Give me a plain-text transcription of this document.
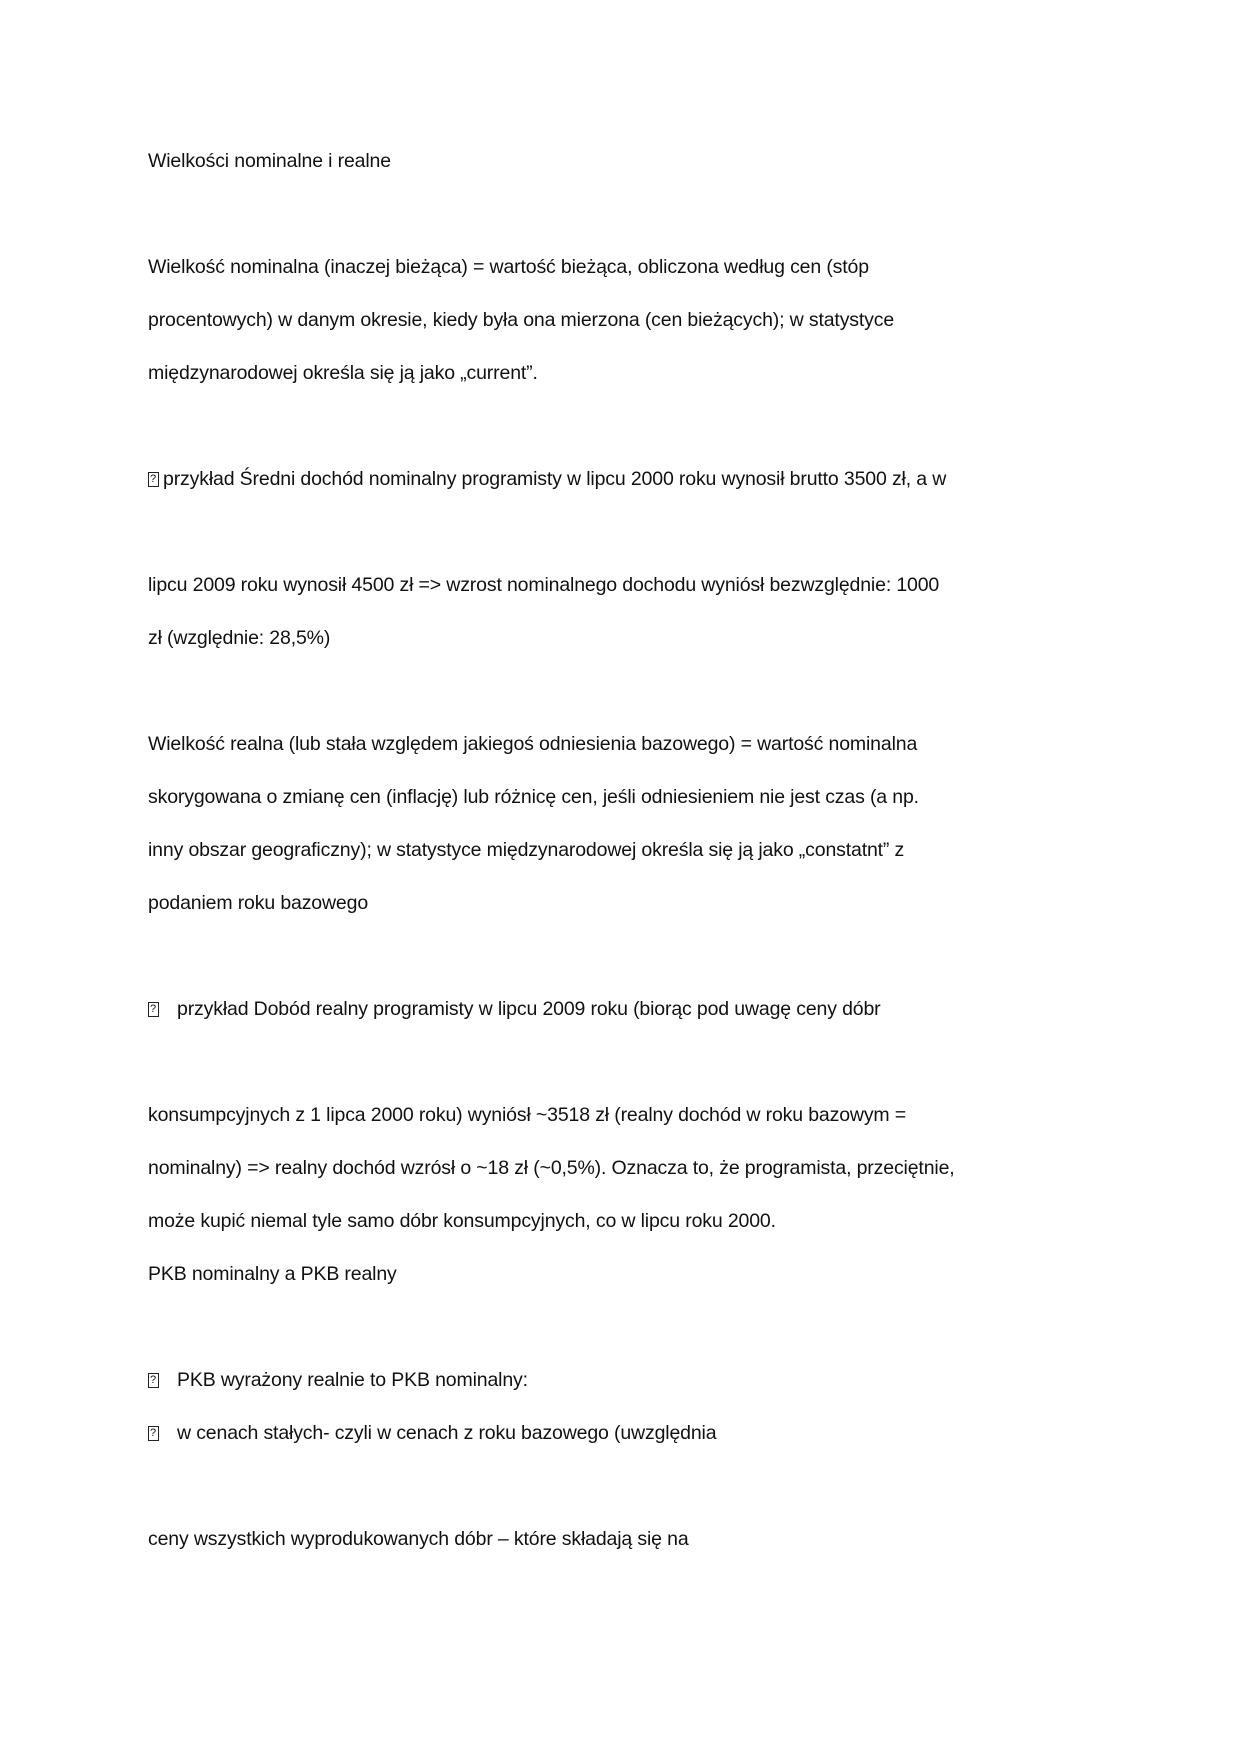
Wielkości nominalne i realne
Wielkość nominalna (inaczej bieżąca) = wartość bieżąca, obliczona według cen (stóp
procentowych) w danym okresie, kiedy była ona mierzona (cen bieżących); w statystyce
międzynarodowej określa się ją jako „current”.
?przykład Średni dochód nominalny programisty w lipcu 2000 roku wynosił brutto 3500 zł, a w
lipcu 2009 roku wynosił 4500 zł => wzrost nominalnego dochodu wyniósł bezwzględnie: 1000
zł (względnie: 28,5%)
Wielkość realna (lub stała względem jakiegoś odniesienia bazowego) = wartość nominalna
skorygowana o zmianę cen (inflację) lub różnicę cen, jeśli odniesieniem nie jest czas (a np.
inny obszar geograficzny); w statystyce międzynarodowej określa się ją jako „constatnt” z
podaniem roku bazowego
?przykład Dobód realny programisty w lipcu 2009 roku (biorąc pod uwagę ceny dóbr
konsumpcyjnych z 1 lipca 2000 roku) wyniósł ~3518 zł (realny dochód w roku bazowym =
nominalny) => realny dochód wzrósł o ~18 zł (~0,5%). Oznacza to, że programista, przeciętnie,
może kupić niemal tyle samo dóbr konsumpcyjnych, co w lipcu roku 2000.
PKB nominalny a PKB realny
?PKB wyrażony realnie to PKB nominalny:
?w cenach stałych- czyli w cenach z roku bazowego (uwzględnia
ceny wszystkich wyprodukowanych dóbr – które składają się na
